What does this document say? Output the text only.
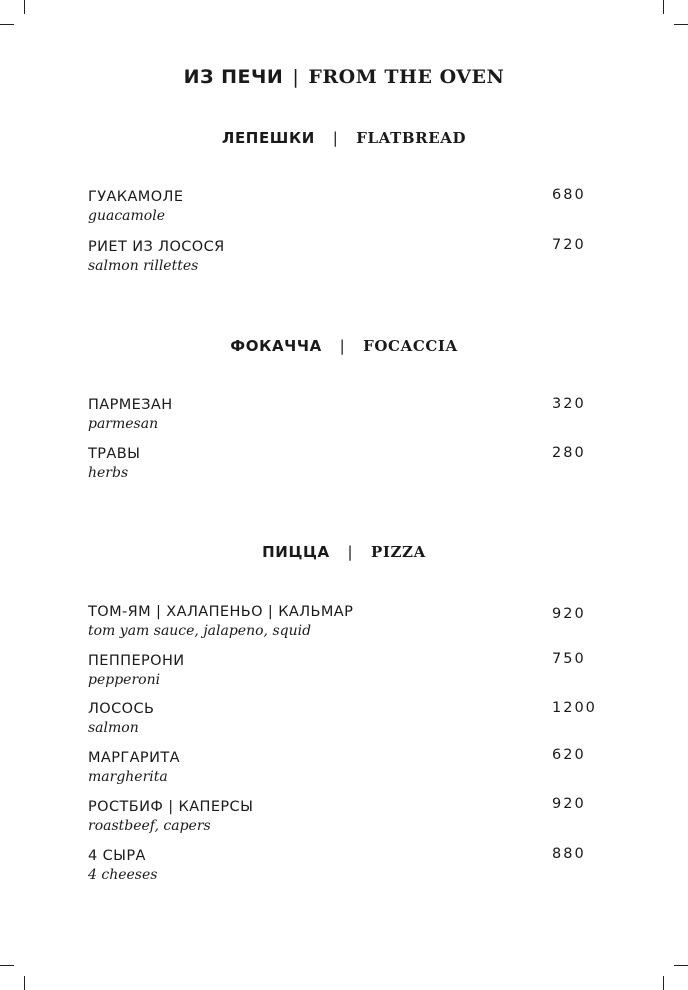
ИЗ ПЕЧИ | FROM THE OVEN
ЛЕПЕШКИ | FLATBREAD
ГУАКАМОЛЕ
guacamole
680
РИЕТ ИЗ ЛОСОСЯ
salmon rillettes
720
ФОКАЧЧА | FOCACCIA
ПАРМЕЗАН
parmesan
320
ТРАВЫ
herbs
280
ПИЦЦА | PIZZA
ТОМ-ЯМ | ХАЛАПЕНЬО | КАЛЬМАР
tom yam sauce, jalapeno, squid
920
ПЕППЕРОНИ
pepperoni
750
ЛОСОСЬ
salmon
1200
МАРГАРИТА
margherita
620
РОСТБИФ | КАПЕРСЫ
roastbeef, capers
920
4 СЫРА
4 cheeses
880
